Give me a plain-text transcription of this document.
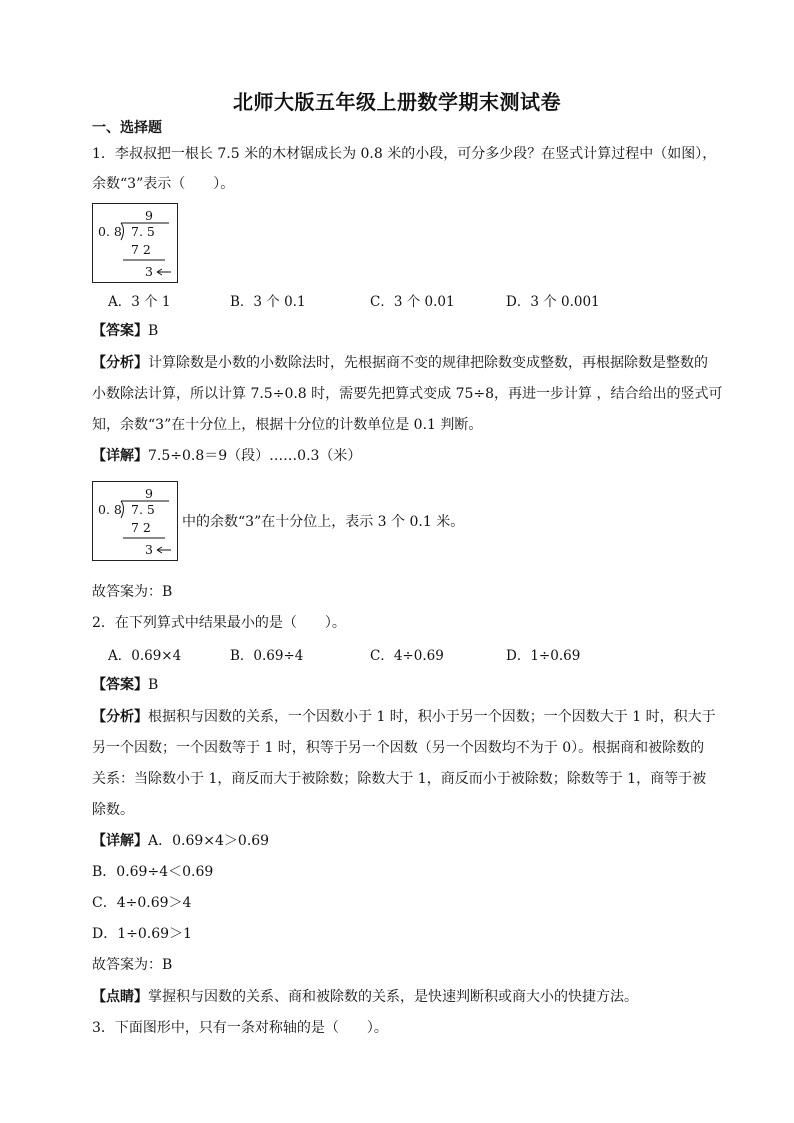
北师大版五年级上册数学期末测试卷
一、选择题
1．李叔叔把一根长 7.5 米的木材锯成长为 0.8 米的小段，可分多少段？在竖式计算过程中（如图），
余数“3”表示（　　）。
9
0. 8 7. 5
7 2
3
A．3 个 1	B．3 个 0.1	C．3 个 0.01	D．3 个 0.001
【答案】B
【分析】计算除数是小数的小数除法时，先根据商不变的规律把除数变成整数，再根据除数是整数的
小数除法计算，所以计算 7.5÷0.8 时，需要先把算式变成 75÷8，再进一步计算 ，结合给出的竖式可
知，余数“3”在十分位上，根据十分位的计数单位是 0.1 判断。
【详解】7.5÷0.8＝9（段）……0.3（米）
9
0. 8 7. 5
7 2
3
中的余数“3”在十分位上，表示 3 个 0.1 米。
故答案为：B
2．在下列算式中结果最小的是（　　）。
A．0.69×4	B．0.69÷4	C．4÷0.69	D．1÷0.69
【答案】B
【分析】根据积与因数的关系，一个因数小于 1 时，积小于另一个因数；一个因数大于 1 时，积大于
另一个因数；一个因数等于 1 时，积等于另一个因数（另一个因数均不为于 0）。根据商和被除数的
关系：当除数小于 1，商反而大于被除数；除数大于 1，商反而小于被除数；除数等于 1，商等于被
除数。
【详解】A．0.69×4＞0.69
B．0.69÷4＜0.69
C．4÷0.69＞4
D．1÷0.69＞1
故答案为：B
【点睛】掌握积与因数的关系、商和被除数的关系，是快速判断积或商大小的快捷方法。
3．下面图形中，只有一条对称轴的是（　　）。
